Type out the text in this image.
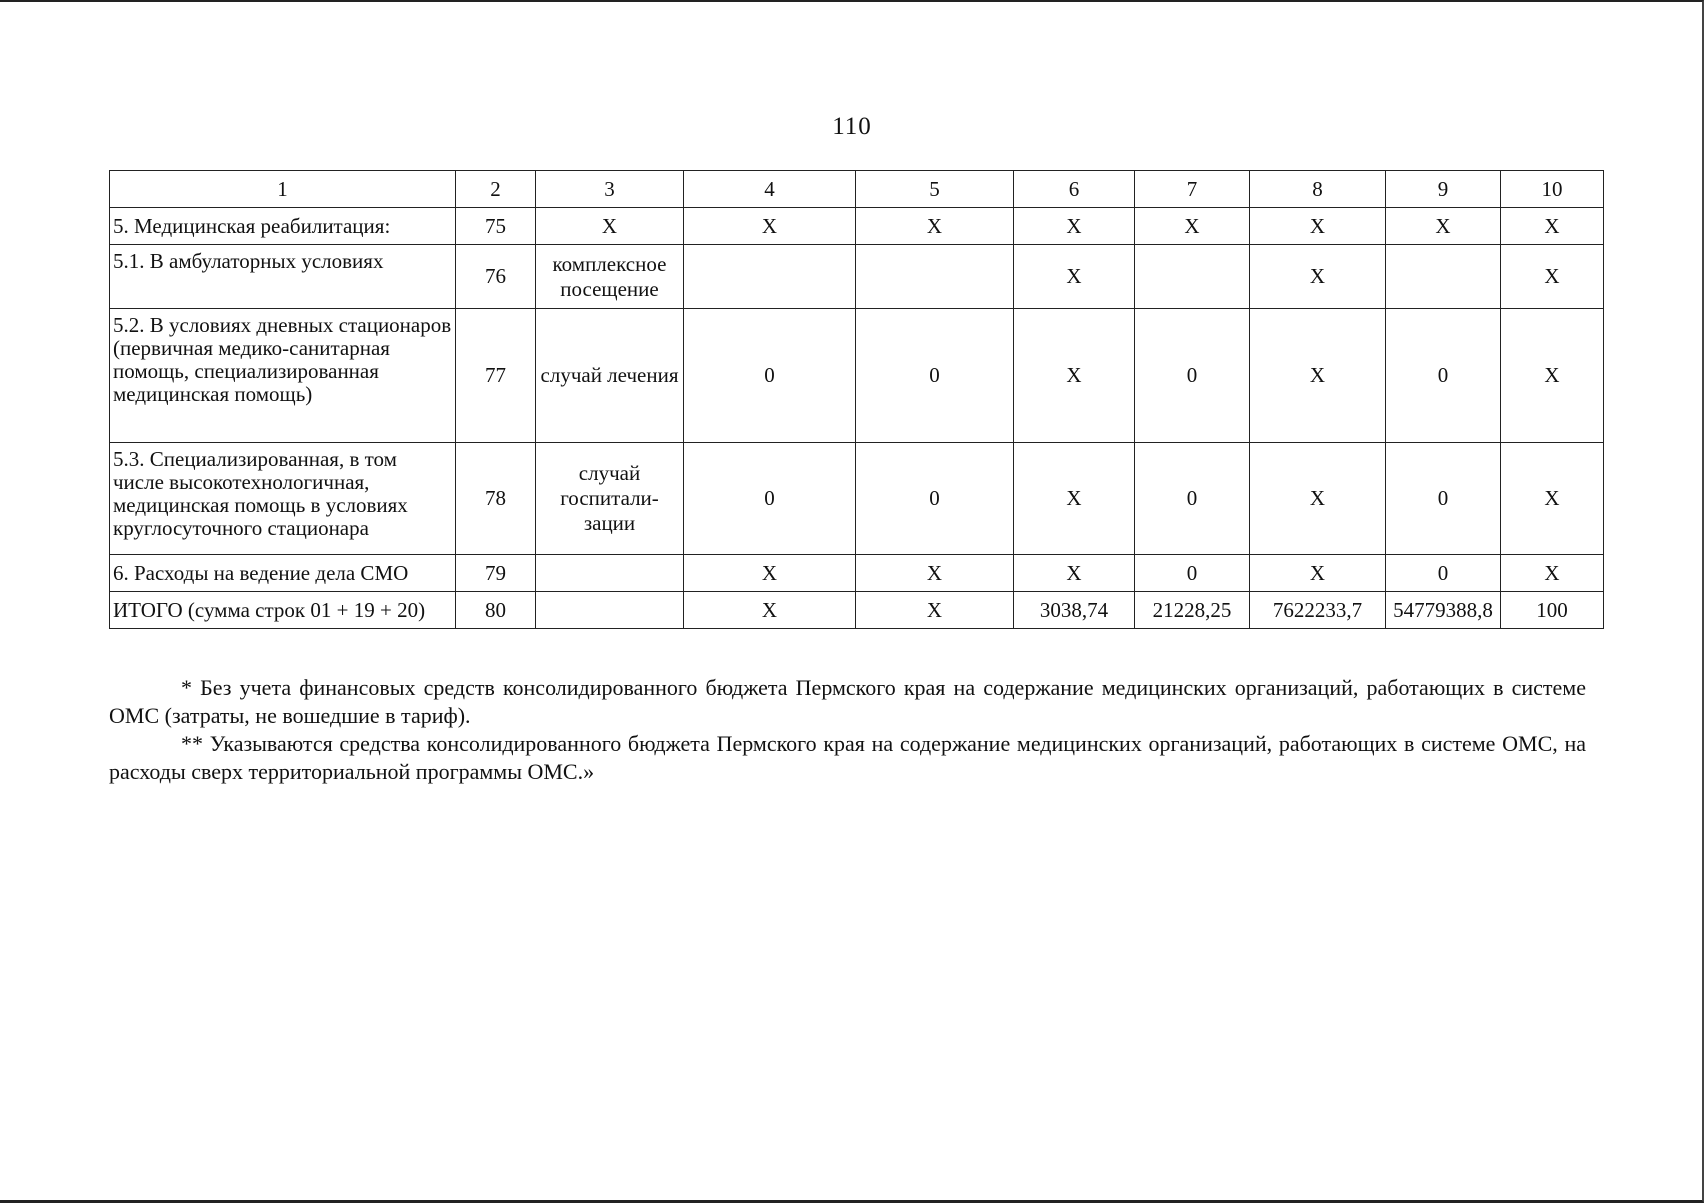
110
1	2	3	4	5	6	7	8	9	10
5. Медицинская реабилитация:	75	X	X	X	X	X	X	X	X
5.1. В амбулаторных условиях	76	комплексное посещение			X		X		X
5.2. В условиях дневных стационаров (первичная медико-санитарная помощь, специализированная медицинская помощь)	77	случай лечения	0	0	X	0	X	0	X
5.3. Специализированная, в том числе высокотехнологичная, медицинская помощь в условиях круглосуточного стационара	78	случай госпитали-зации	0	0	X	0	X	0	X
6. Расходы на ведение дела СМО	79		X	X	X	0	X	0	X
ИТОГО (сумма строк 01 + 19 + 20)	80		X	X	3038,74	21228,25	7622233,7	54779388,8	100

* Без учета финансовых средств консолидированного бюджета Пермского края на содержание медицинских организаций, работающих в системе ОМС (затраты, не вошедшие в тариф).

** Указываются средства консолидированного бюджета Пермского края на содержание медицинских организаций, работающих в системе ОМС, на расходы сверх территориальной программы ОМС.»
